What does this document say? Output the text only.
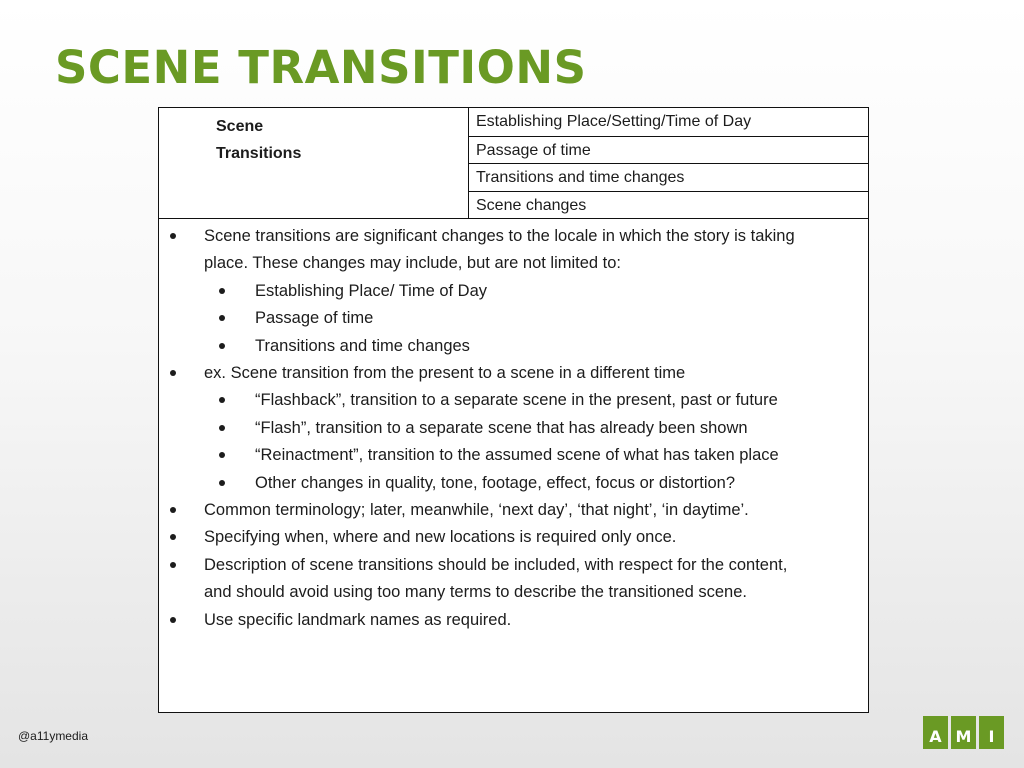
SCENE TRANSITIONS
Scene
Transitions
Establishing Place/Setting/Time of Day
Passage of time
Transitions and time changes
Scene changes
Scene transitions are significant changes to the locale in which the story is taking
place. These changes may include, but are not limited to:
Establishing Place/ Time of Day
Passage of time
Transitions and time changes
ex. Scene transition from the present to a scene in a different time
“Flashback”, transition to a separate scene in the present, past or future
“Flash”, transition to a separate scene that has already been shown
“Reinactment”, transition to the assumed scene of what has taken place
Other changes in quality, tone, footage, effect, focus or distortion?
Common terminology; later, meanwhile, ‘next day’, ‘that night’, ‘in daytime’.
Specifying when, where and new locations is required only once.
Description of scene transitions should be included, with respect for the content,
and should avoid using too many terms to describe the transitioned scene.
Use specific landmark names as required.
@a11ymedia	A M	I
